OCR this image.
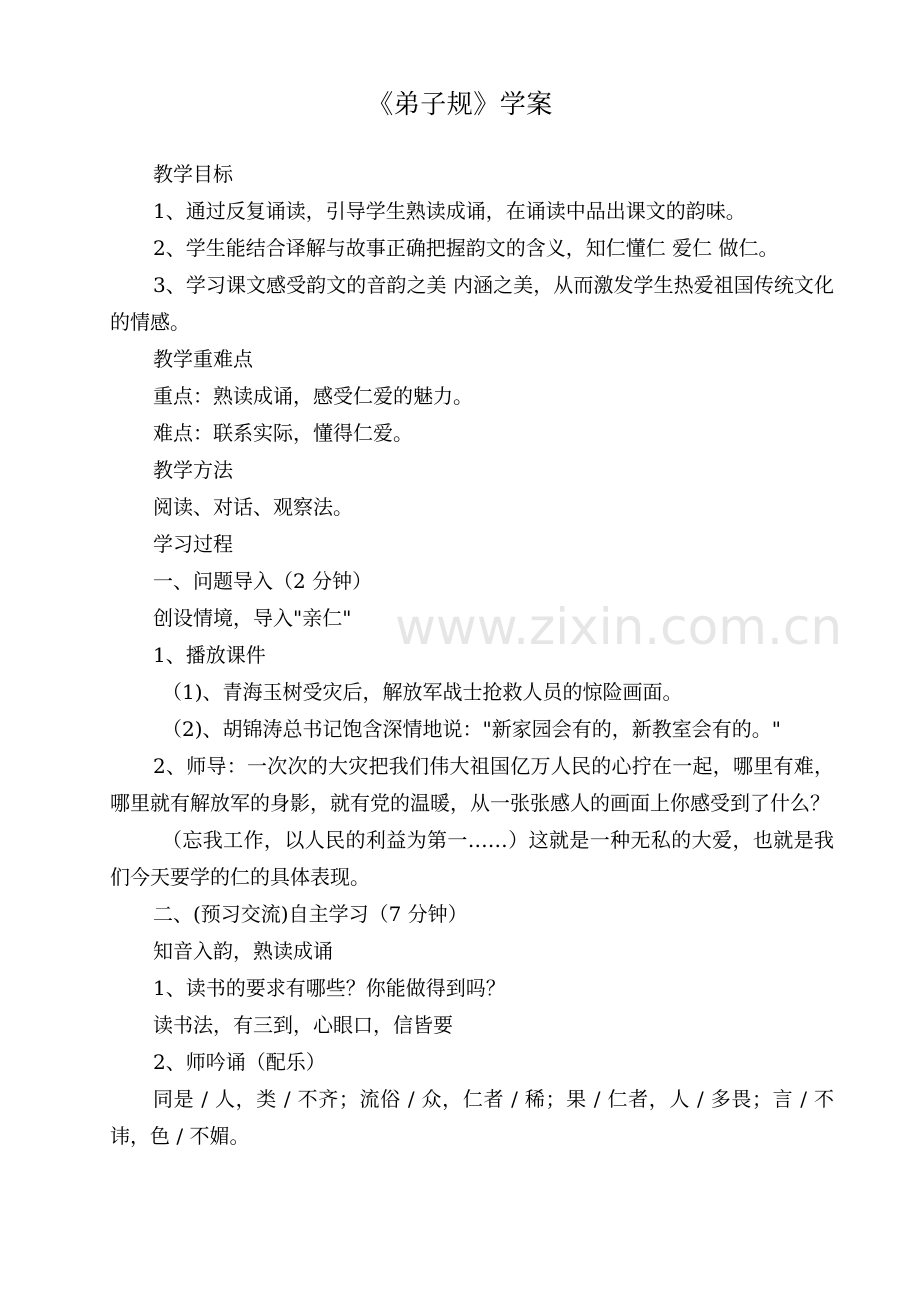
《弟子规》学案

教学目标

1、通过反复诵读，引导学生熟读成诵，在诵读中品出课文的韵味。

2、学生能结合译解与故事正确把握韵文的含义，知仁懂仁 爱仁 做仁。

3、学习课文感受韵文的音韵之美 内涵之美，从而激发学生热爱祖国传统文化的情感。

教学重难点

重点：熟读成诵，感受仁爱的魅力。

难点：联系实际，懂得仁爱。

教学方法

阅读、对话、观察法。

学习过程

一、问题导入（2 分钟）

创设情境，导入"亲仁"

1、播放课件

（1)、青海玉树受灾后，解放军战士抢救人员的惊险画面。

（2)、胡锦涛总书记饱含深情地说："新家园会有的，新教室会有的。"

2、师导：一次次的大灾把我们伟大祖国亿万人民的心拧在一起，哪里有难，哪里就有解放军的身影，就有党的温暖，从一张张感人的画面上你感受到了什么？

（忘我工作，以人民的利益为第一……）这就是一种无私的大爱，也就是我们今天要学的仁的具体表现。

二、(预习交流)自主学习（7 分钟）

知音入韵，熟读成诵

1、读书的要求有哪些？你能做得到吗？

读书法，有三到，心眼口，信皆要

2、师吟诵（配乐）

同是 / 人，类 / 不齐；流俗 / 众，仁者 / 稀；果 / 仁者，人 / 多畏；言 / 不讳，色 / 不媚。

www.zixin.com.cn
